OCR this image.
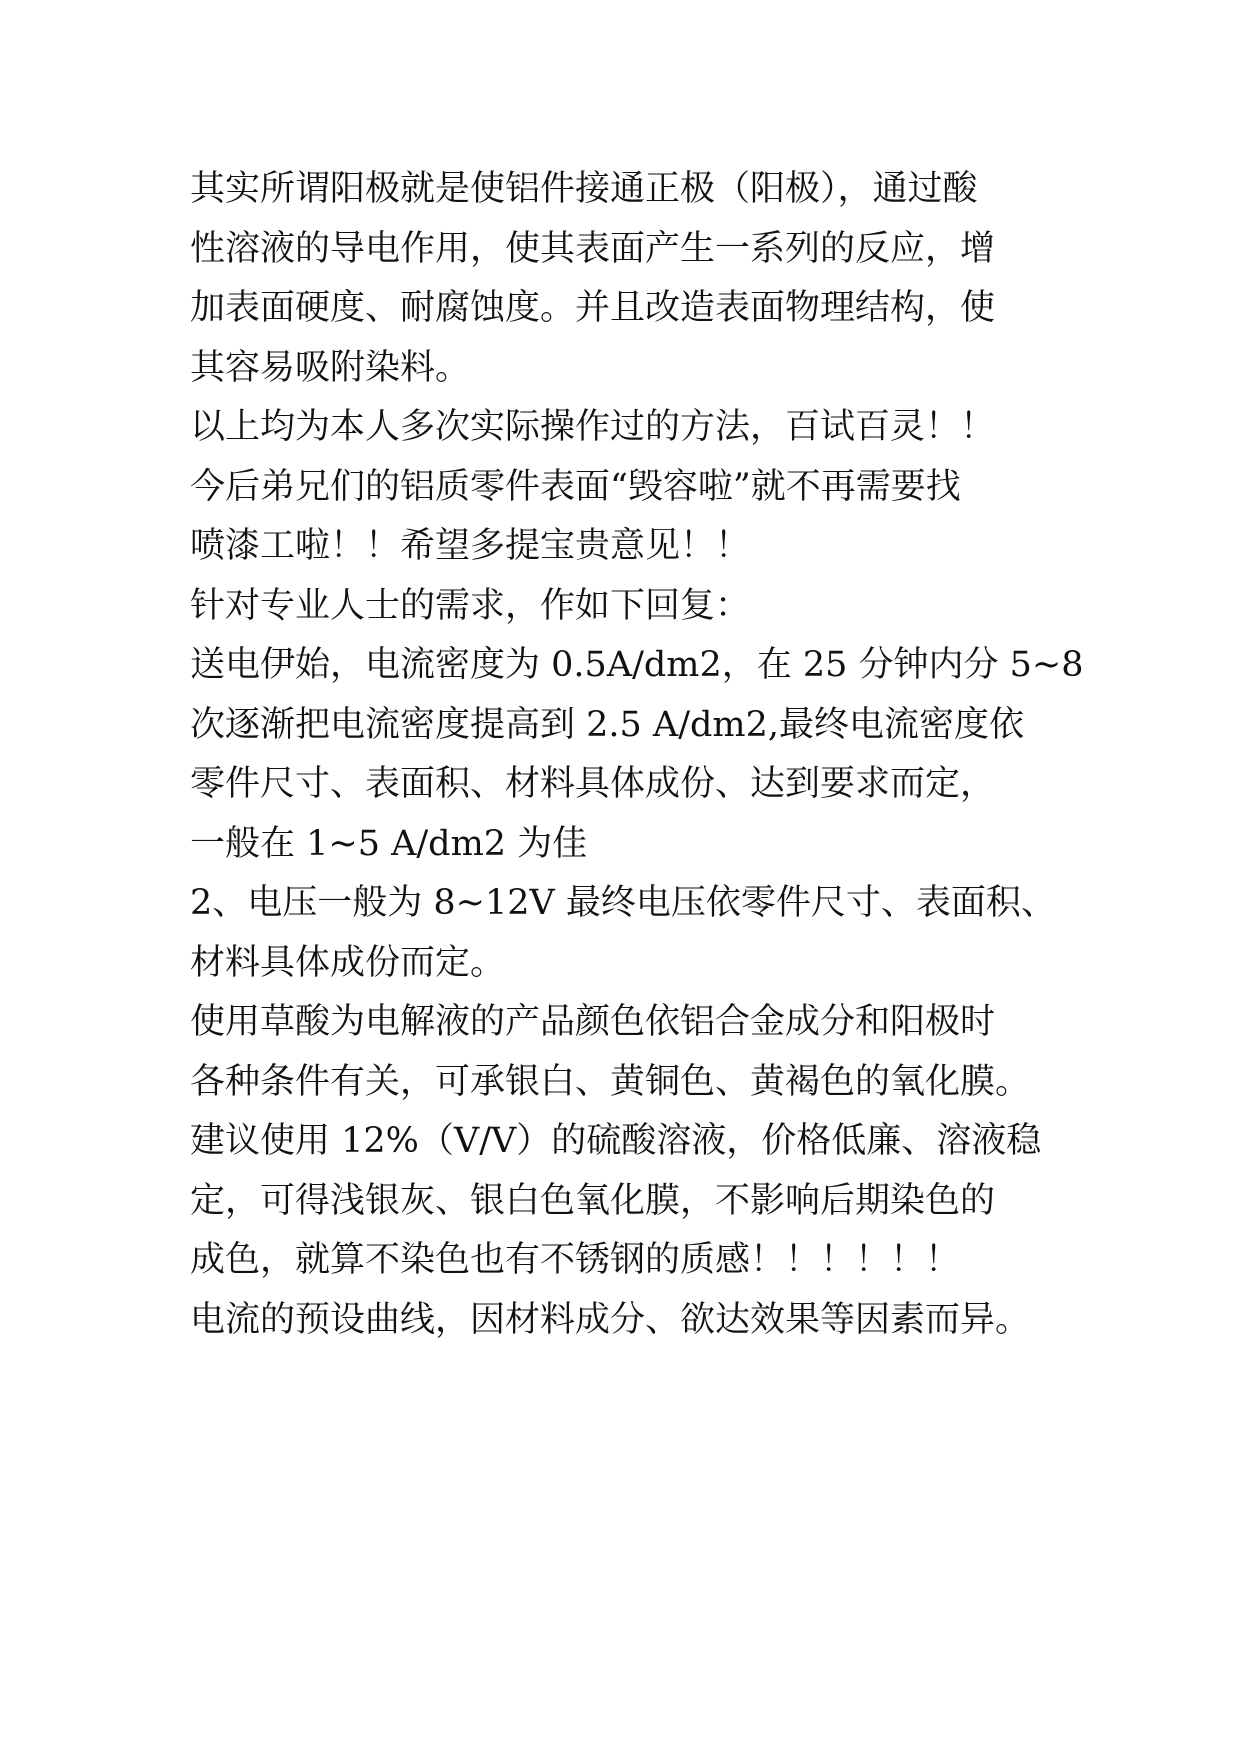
其实所谓阳极就是使铝件接通正极（阳极），通过酸
性溶液的导电作用，使其表面产生一系列的反应，增
加表面硬度、耐腐蚀度。并且改造表面物理结构，使
其容易吸附染料。
以上均为本人多次实际操作过的方法，百试百灵！！
今后弟兄们的铝质零件表面“毁容啦”就不再需要找
喷漆工啦！！希望多提宝贵意见！！
针对专业人士的需求，作如下回复：
送电伊始，电流密度为 0.5A/dm2，在 25 分钟内分 5~8
次逐渐把电流密度提高到 2.5 A/dm2,最终电流密度依
零件尺寸、表面积、材料具体成份、达到要求而定，
一般在 1~5 A/dm2 为佳
2、电压一般为 8~12V 最终电压依零件尺寸、表面积、
材料具体成份而定。
使用草酸为电解液的产品颜色依铝合金成分和阳极时
各种条件有关，可承银白、黄铜色、黄褐色的氧化膜。
建议使用 12%（V/V）的硫酸溶液，价格低廉、溶液稳
定，可得浅银灰、银白色氧化膜，不影响后期染色的
成色，就算不染色也有不锈钢的质感！！！！！！
电流的预设曲线，因材料成分、欲达效果等因素而异。
